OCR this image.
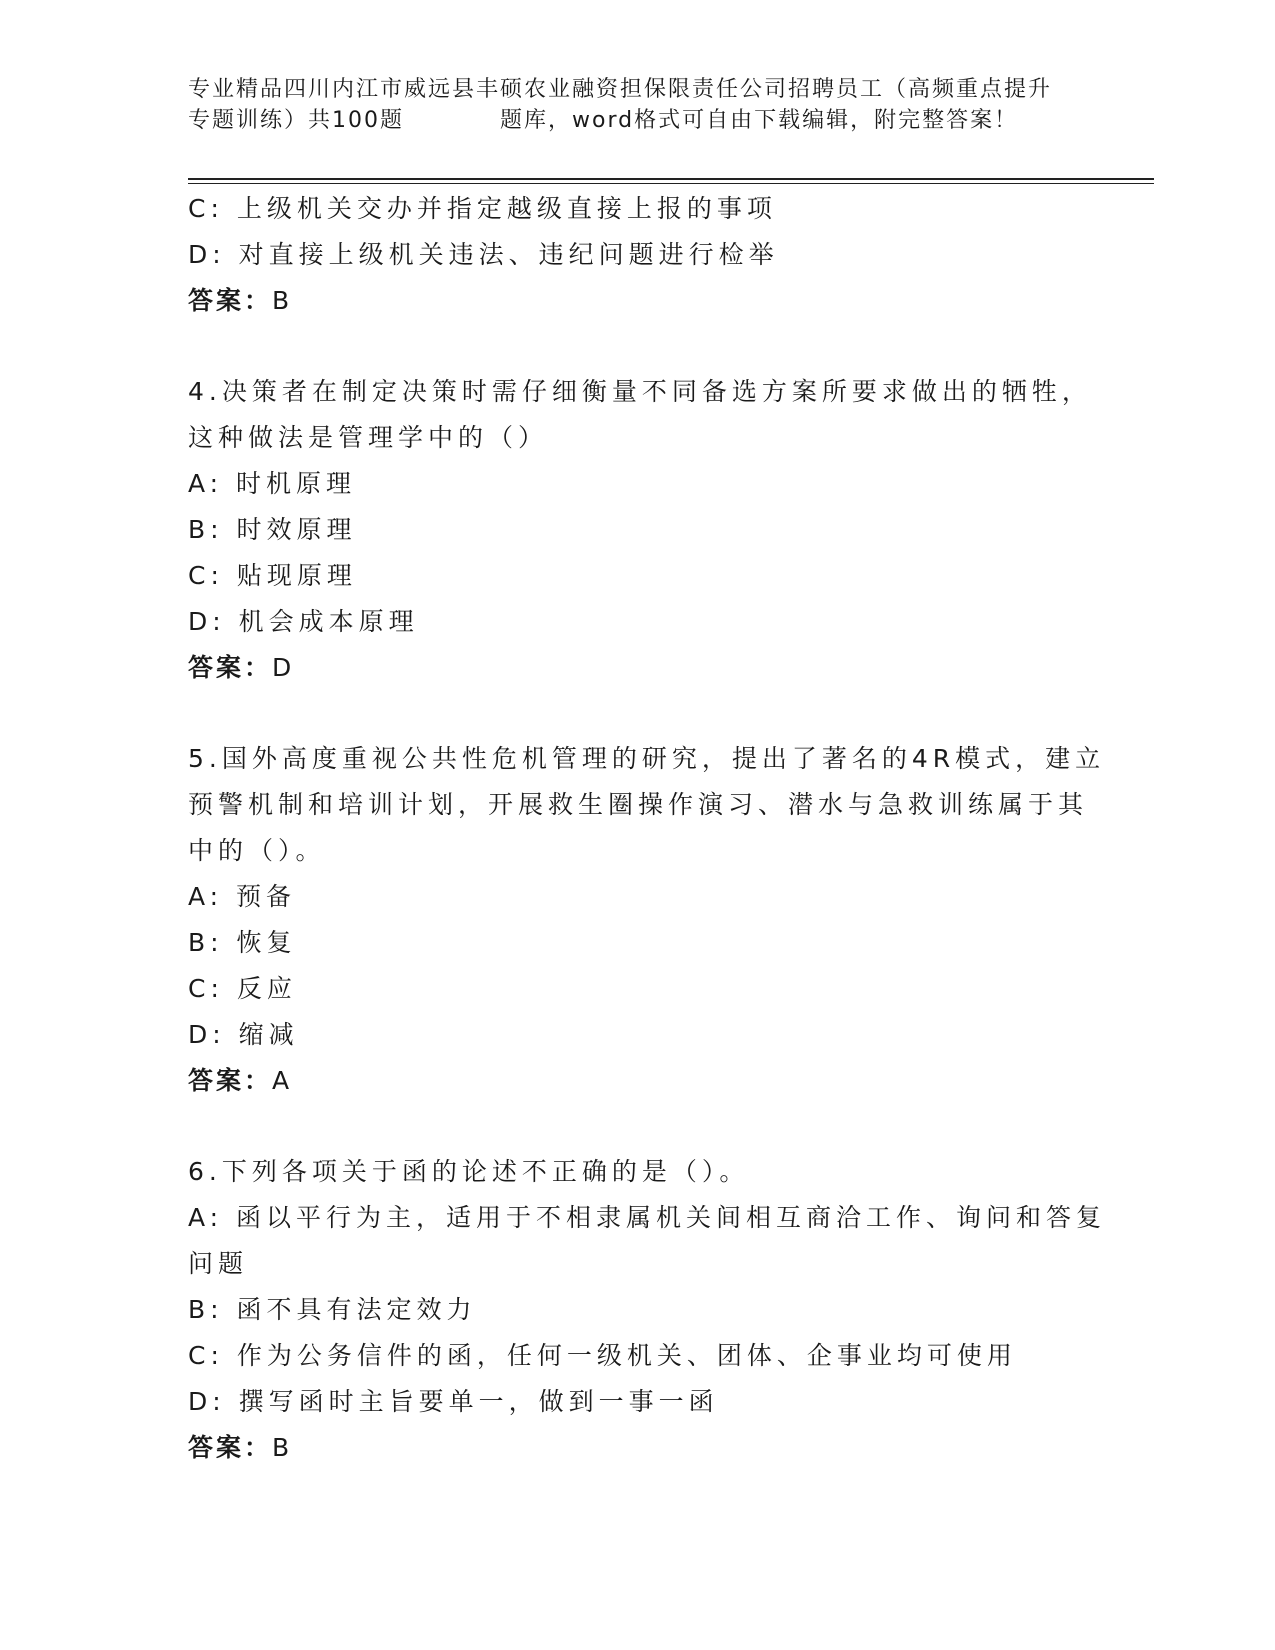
专业精品四川内江市威远县丰硕农业融资担保限责任公司招聘员工（高频重点提升
专题训练）共100题	题库，word格式可自由下载编辑，附完整答案！
C: 上级机关交办并指定越级直接上报的事项
D: 对直接上级机关违法、违纪问题进行检举
答案：B
4.决策者在制定决策时需仔细衡量不同备选方案所要求做出的牺牲，
这种做法是管理学中的（）
A: 时机原理
B: 时效原理
C: 贴现原理
D: 机会成本原理
答案：D
5.国外高度重视公共性危机管理的研究，提出了著名的4R模式，建立
预警机制和培训计划，开展救生圈操作演习、潜水与急救训练属于其
中的（）。
A: 预备
B: 恢复
C: 反应
D: 缩减
答案：A
6.下列各项关于函的论述不正确的是（）。
A: 函以平行为主，适用于不相隶属机关间相互商洽工作、询问和答复
问题
B: 函不具有法定效力
C: 作为公务信件的函，任何一级机关、团体、企事业均可使用
D: 撰写函时主旨要单一，做到一事一函
答案：B
